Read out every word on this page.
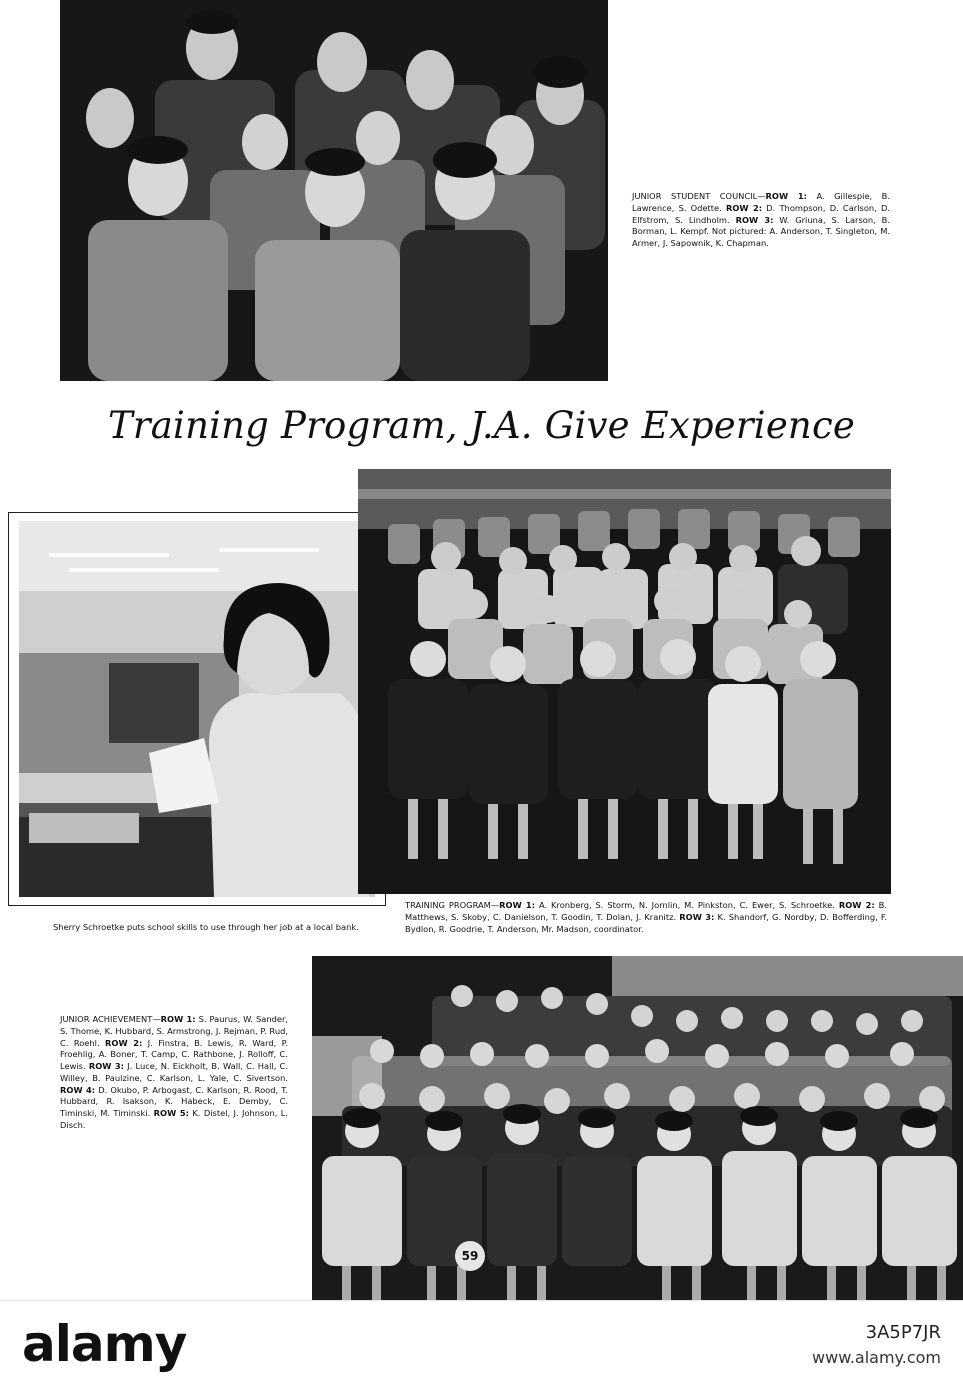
JUNIOR STUDENT COUNCIL—ROW 1: A. Gillespie, B. Lawrence, S. Odette. ROW 2: D. Thompson, D. Carlson, D. Elfstrom, S. Lindholm. ROW 3: W. Griuna, S. Larson, B. Borman, L. Kempf. Not pictured: A. Anderson, T. Singleton, M. Armer, J. Sapownik, K. Chapman.
Training Program, J.A. Give Experience
Sherry Schroetke puts school skills to use through her job at a local bank.
TRAINING PROGRAM—ROW 1: A. Kronberg, S. Storm, N. Jornlin, M. Pinkston, C. Ewer, S. Schroetke. ROW 2: B. Matthews, S. Skoby, C. Danielson, T. Goodin, T. Dolan, J. Kranitz. ROW 3: K. Shandorf, G. Nordby, D. Bofferding, F. Bydlon, R. Goodrie, T. Anderson, Mr. Madson, coordinator.
JUNIOR ACHIEVEMENT—ROW 1: S. Paurus, W. Sander, S. Thome, K. Hubbard, S. Armstrong, J. Rejman, P. Rud, C. Roehl. ROW 2: J. Finstra, B. Lewis, R. Ward, P. Froehlig, A. Boner, T. Camp, C. Rathbone, J. Rolloff, C. Lewis. ROW 3: J. Luce, N. Eickholt, B. Wall, C. Hall, C. Willey, B. Paulzine, C. Karlson, L. Yale, C. Sivertson. ROW 4: D. Okubo, P. Arbogast, C. Karlson, R. Rood, T. Hubbard, R. Isakson, K. Habeck, E. Demby, C. Timinski, M. Timinski. ROW 5: K. Distel, J. Johnson, L. Disch.
59
alamy	3A5P7JR
www.alamy.com
